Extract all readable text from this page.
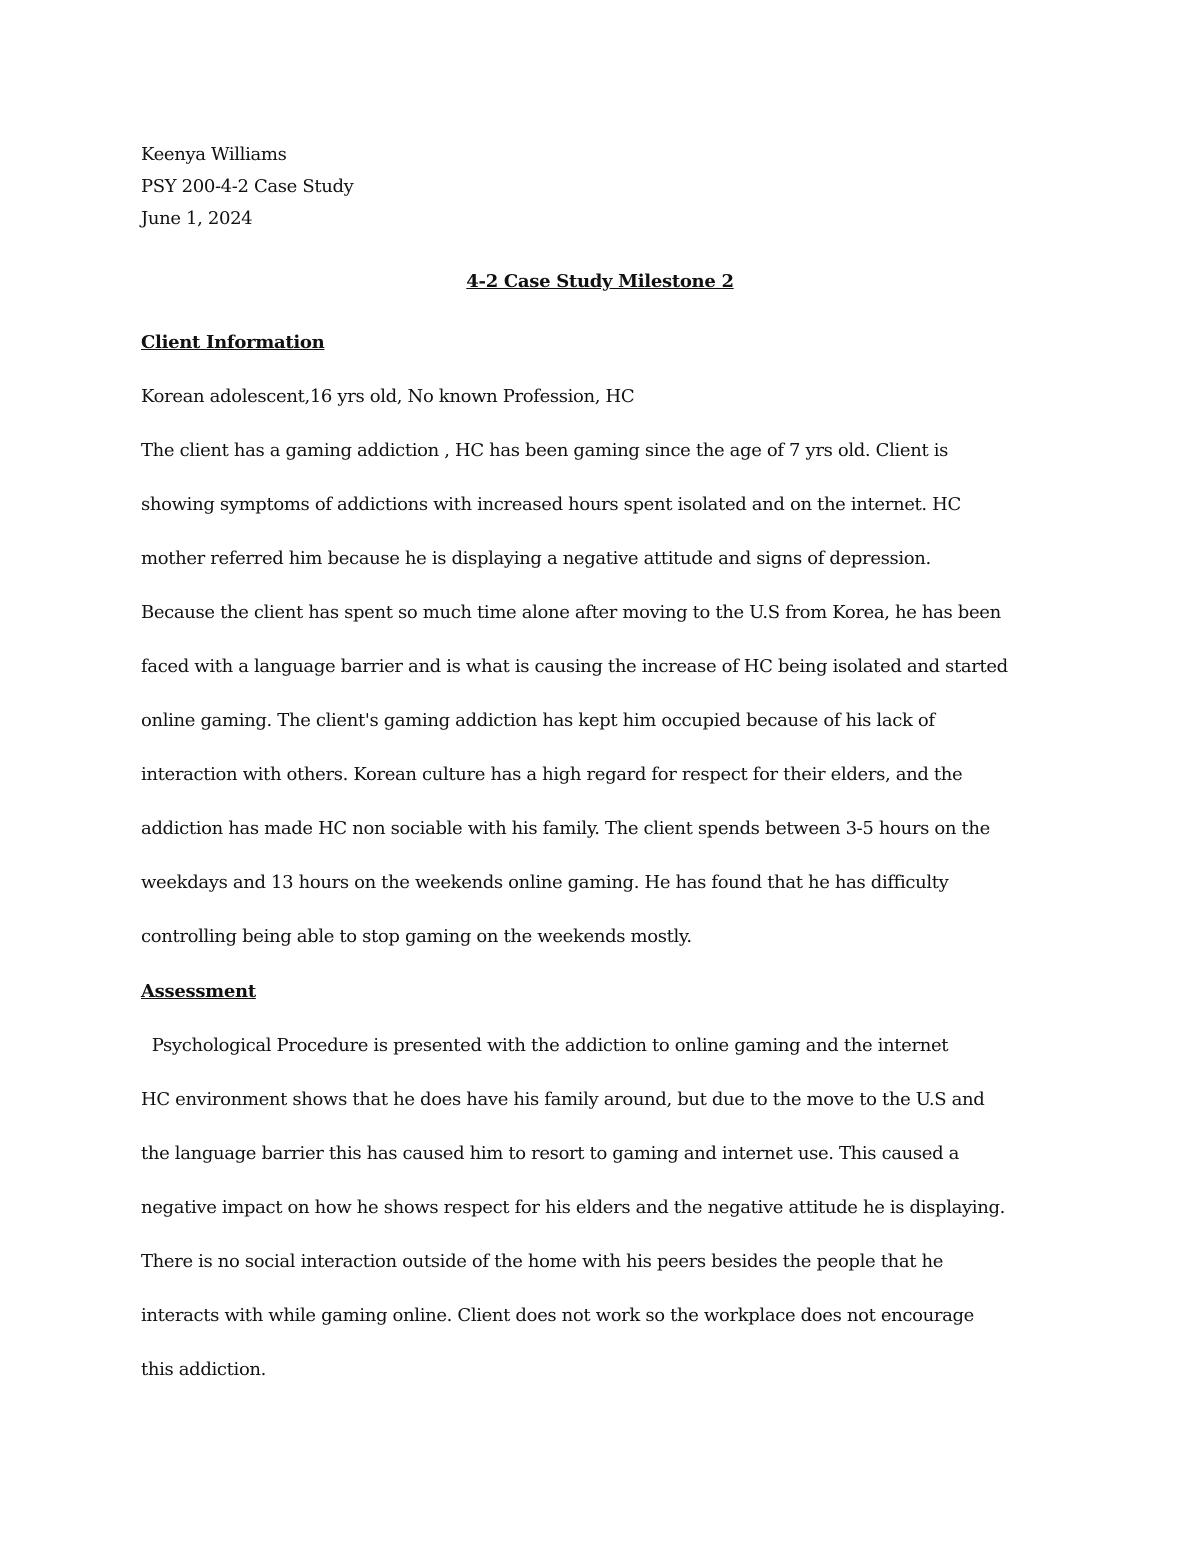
Keenya Williams
PSY 200-4-2 Case Study
June 1, 2024
4-2 Case Study Milestone 2
Client Information
Korean adolescent,16 yrs old, No known Profession, HC
The client has a gaming addiction , HC has been gaming since the age of 7 yrs old. Client is
showing symptoms of addictions with increased hours spent isolated and on the internet. HC
mother referred him because he is displaying a negative attitude and signs of depression.
Because the client has spent so much time alone after moving to the U.S from Korea, he has been
faced with a language barrier and is what is causing the increase of HC being isolated and started
online gaming. The client's gaming addiction has kept him occupied because of his lack of
interaction with others. Korean culture has a high regard for respect for their elders, and the
addiction has made HC non sociable with his family. The client spends between 3-5 hours on the
weekdays and 13 hours on the weekends online gaming. He has found that he has difficulty
controlling being able to stop gaming on the weekends mostly.
Assessment
Psychological Procedure is presented with the addiction to online gaming and the internet
HC environment shows that he does have his family around, but due to the move to the U.S and
the language barrier this has caused him to resort to gaming and internet use. This caused a
negative impact on how he shows respect for his elders and the negative attitude he is displaying.
There is no social interaction outside of the home with his peers besides the people that he
interacts with while gaming online. Client does not work so the workplace does not encourage
this addiction.
